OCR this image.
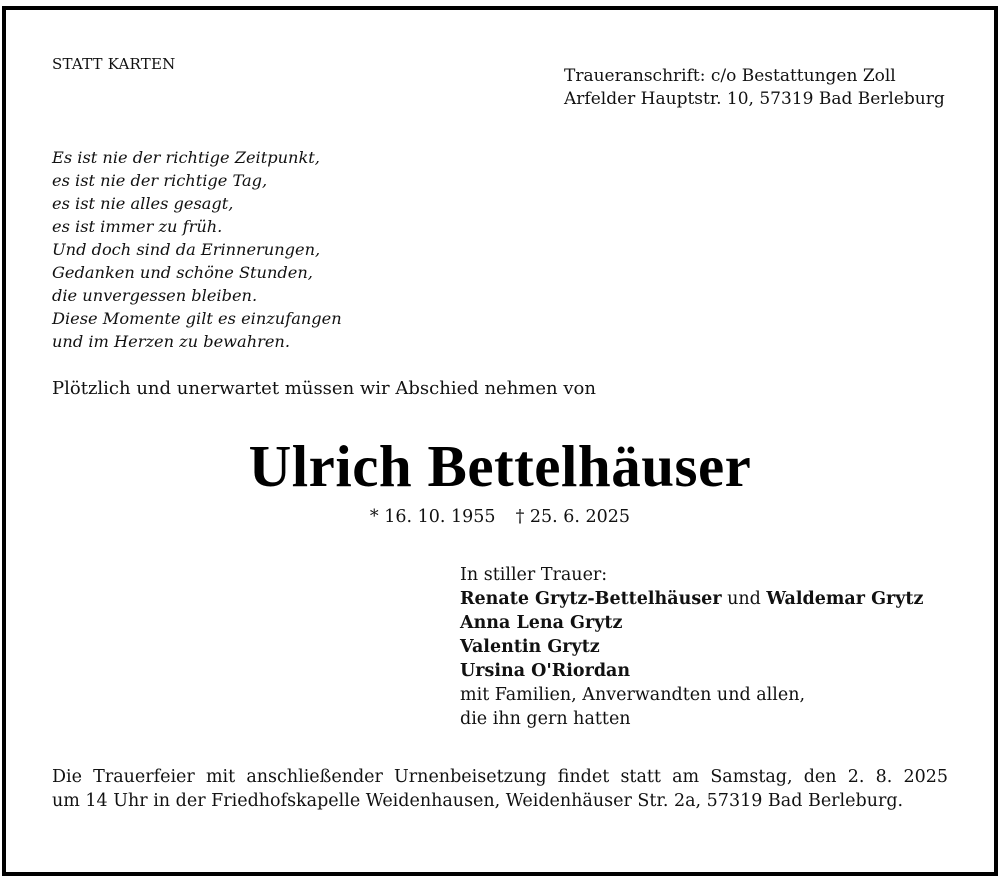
STATT KARTEN
Traueranschrift: c/o Bestattungen Zoll
Arfelder Hauptstr. 10, 57319 Bad Berleburg
Es ist nie der richtige Zeitpunkt,
es ist nie der richtige Tag,
es ist nie alles gesagt,
es ist immer zu früh.
Und doch sind da Erinnerungen,
Gedanken und schöne Stunden,
die unvergessen bleiben.
Diese Momente gilt es einzufangen
und im Herzen zu bewahren.
Plötzlich und unerwartet müssen wir Abschied nehmen von
Ulrich Bettelhäuser
* 16. 10. 1955 † 25. 6. 2025
In stiller Trauer:
Renate Grytz-Bettelhäuser und Waldemar Grytz
Anna Lena Grytz
Valentin Grytz
Ursina O'Riordan
mit Familien, Anverwandten und allen,
die ihn gern hatten
Die Trauerfeier mit anschließender Urnenbeisetzung findet statt am Samstag, den 2. 8. 2025
um 14 Uhr in der Friedhofskapelle Weidenhausen, Weidenhäuser Str. 2a, 57319 Bad Berleburg.
